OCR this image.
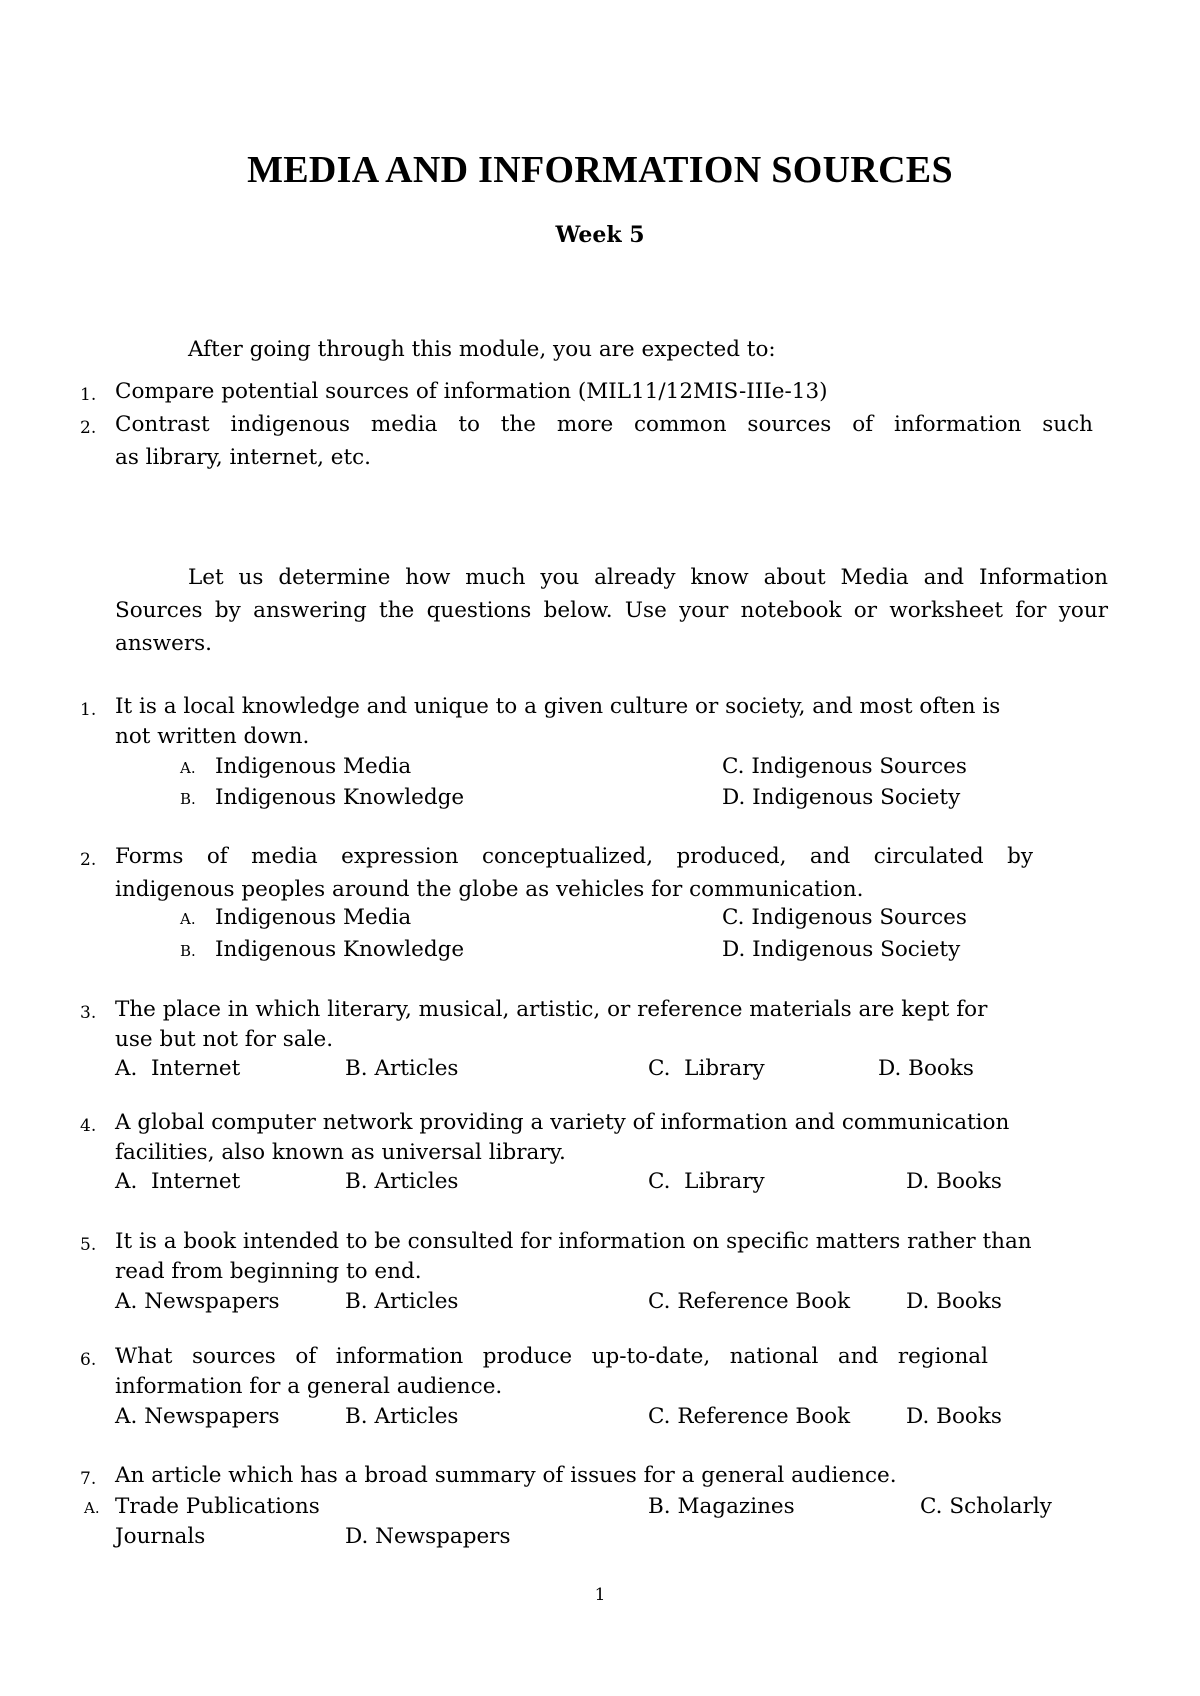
MEDIA AND INFORMATION SOURCES
Week 5
After going through this module, you are expected to:
1. Compare potential sources of information (MIL11/12MIS-IIIe-13)
2. Contrast indigenous media to the more common sources of information such
as library, internet, etc.
Let us determine how much you already know about Media and Information
Sources by answering the questions below. Use your notebook or worksheet for your
answers.
1. It is a local knowledge and unique to a given culture or society, and most often is
not written down.
A. Indigenous Media
B. Indigenous Knowledge
C. Indigenous Sources
D. Indigenous Society
2. Forms of media expression conceptualized, produced, and circulated by
indigenous peoples around the globe as vehicles for communication.
A. Indigenous Media
B. Indigenous Knowledge
C. Indigenous Sources
D. Indigenous Society
3. The place in which literary, musical, artistic, or reference materials are kept for
use but not for sale.
A.  Internet	B. Articles	C.  Library	D. Books
4. A global computer network providing a variety of information and communication
facilities, also known as universal library.
A.  Internet	B. Articles	C.  Library	D. Books
5. It is a book intended to be consulted for information on specific matters rather than
read from beginning to end.
A. Newspapers	B. Articles	C. Reference Book	D. Books
6. What sources of information produce up-to-date, national and regional
information for a general audience.
A. Newspapers	B. Articles	C. Reference Book	D. Books
7. An article which has a broad summary of issues for a general audience.
A. Trade Publications	B. Magazines	C. Scholarly
Journals	D. Newspapers
1
